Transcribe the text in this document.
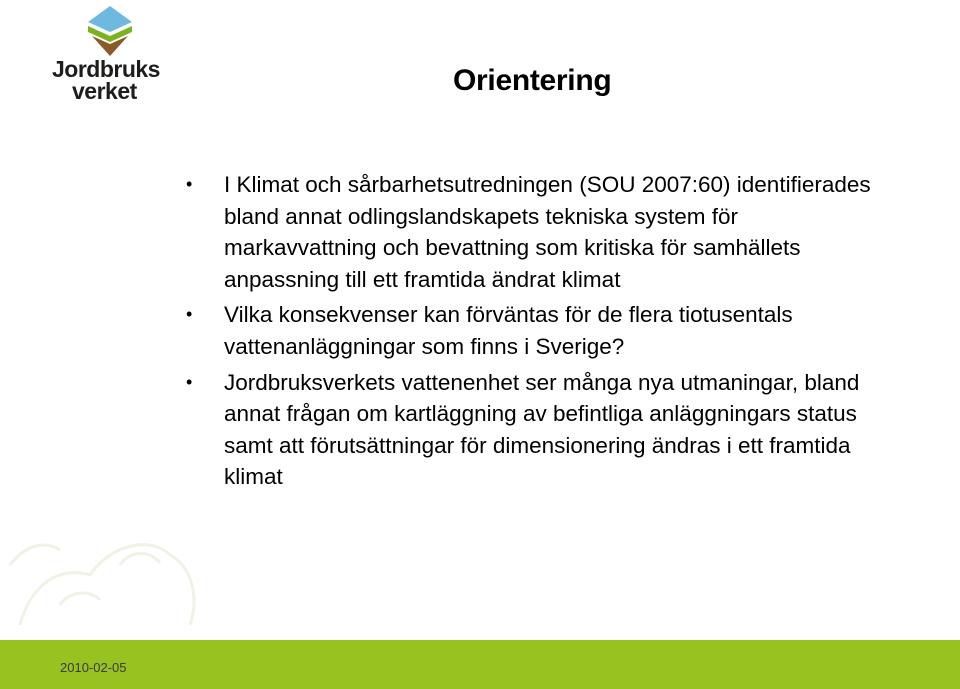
Jordbruks
verket	Orientering
• I Klimat och sårbarhetsutredningen (SOU 2007:60) identifierades bland annat odlingslandskapets tekniska system för markavvattning och bevattning som kritiska för samhällets anpassning till ett framtida ändrat klimat
• Vilka konsekvenser kan förväntas för de flera tiotusentals vattenanläggningar som finns i Sverige?
• Jordbruksverkets vattenenhet ser många nya utmaningar, bland annat frågan om kartläggning av befintliga anläggningars status samt att förutsättningar för dimensionering ändras i ett framtida klimat
2010-02-05
